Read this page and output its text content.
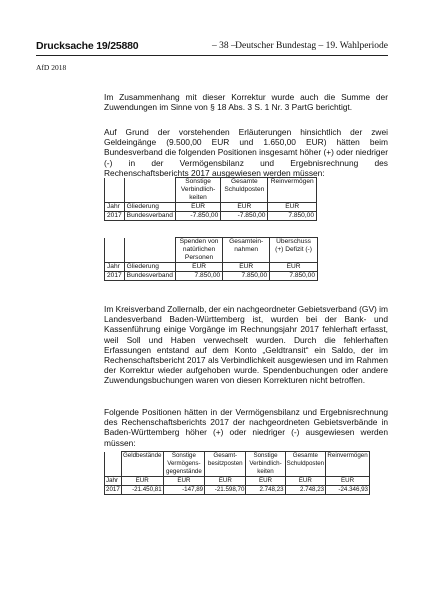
Drucksache 19/25880	– 38 – Deutscher Bundestag – 19. Wahlperiode
AfD 2018

Im Zusammenhang mit dieser Korrektur wurde auch die Summe der Zuwendungen im Sinne von § 18 Abs. 3 S. 1 Nr. 3 PartG berichtigt.

Auf Grund der vorstehenden Erläuterungen hinsichtlich der zwei Geldeingänge (9.500,00 EUR und 1.650,00 EUR) hätten beim Bundesverband die folgenden Positionen insgesamt höher (+) oder niedriger (-) in der Vermögensbilanz und Ergebnisrechnung des Rechenschaftsberichts 2017 ausgewiesen werden müssen:

		Sonstige Verbindlich-keiten	Gesamte Schuldposten	Reinvermögen
Jahr	Gliederung	EUR	EUR	EUR
2017	Bundesverband	-7.850,00	-7.850,00	7.850,00
		Spenden von natürlichen Personen	Gesamtein-nahmen	Überschuss (+) Defizit (-)
Jahr	Gliederung	EUR	EUR	EUR
2017	Bundesverband	7.850,00	7.850,00	7.850,00

Im Kreisverband Zollernalb, der ein nachgeordneter Gebietsverband (GV) im Landesverband Baden-Württemberg ist, wurden bei der Bank- und Kassenführung einige Vorgänge im Rechnungsjahr 2017 fehlerhaft erfasst, weil Soll und Haben verwechselt wurden. Durch die fehlerhaften Erfassungen entstand auf dem Konto „Geldtransit“ ein Saldo, der im Rechenschaftsbericht 2017 als Verbindlichkeit ausgewiesen und im Rahmen der Korrektur wieder aufgehoben wurde. Spendenbuchungen oder andere Zuwendungsbuchungen waren von diesen Korrekturen nicht betroffen.

Folgende Positionen hätten in der Vermögensbilanz und Ergebnisrechnung des Rechenschaftsberichts 2017 der nachgeordneten Gebietsverbände in Baden-Württemberg höher (+) oder niedriger (-) ausgewiesen werden müssen:

	Geldbestände	Sonstige Vermögens-gegenstände	Gesamt-besitzposten	Sonstige Verbindlich-keiten	Gesamte Schuldposten	Reinvermögen
Jahr	EUR	EUR	EUR	EUR	EUR	EUR
2017	-21.450,81	-147,89	-21.598,70	2.748,23	2.748,23	-24.346,93
